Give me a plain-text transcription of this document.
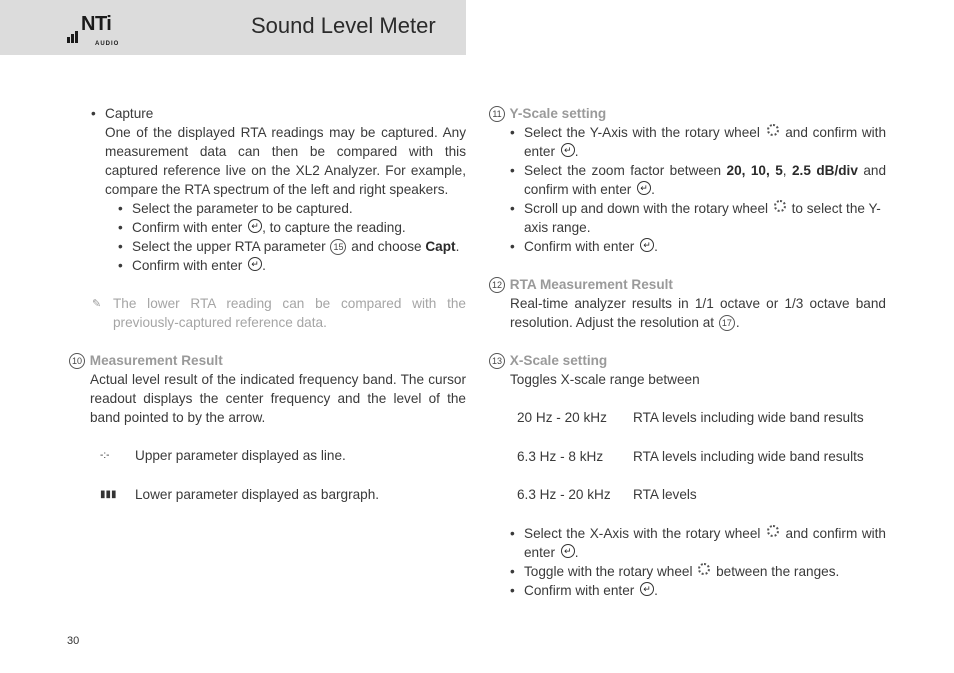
NTi
AUDIO
Sound Level Meter

• Capture

One of the displayed RTA readings may be captured. Any measurement data can then be compared with this captured reference live on the XL2 Analyzer. For example, compare the RTA spectrum of the left and right speakers.

• Select the parameter to be captured.
• Confirm with enter ↵ , to capture the reading.
• Select the upper RTA parameter 15 and choose Capt.
• Confirm with enter ↵ .
✎ The lower RTA reading can be compared with the previously-captured reference data.

10 Measurement Result

Actual level result of the indicated frequency band. The cursor readout displays the center frequency and the level of the band pointed to by the arrow.

-:- Upper parameter displayed as line.
▮▮▮ Lower parameter displayed as bargraph.

11 Y-Scale setting

• Select the Y-Axis with the rotary wheel and confirm with enter ↵ .
• Select the zoom factor between 20, 10, 5, 2.5 dB/div and confirm with enter ↵ .
• Scroll up and down with the rotary wheel to select the Y-axis range.
• Confirm with enter ↵ .

12 RTA Measurement Result

Real-time analyzer results in 1/1 octave or 1/3 octave band resolution. Adjust the resolution at 17 .

13 X-Scale setting

Toggles X-scale range between

20 Hz - 20 kHz RTA levels including wide band results
6.3 Hz - 8 kHz RTA levels including wide band results
6.3 Hz - 20 kHz RTA levels
• Select the X-Axis with the rotary wheel and confirm with enter ↵ .
• Toggle with the rotary wheel between the ranges.
• Confirm with enter ↵ .
30
